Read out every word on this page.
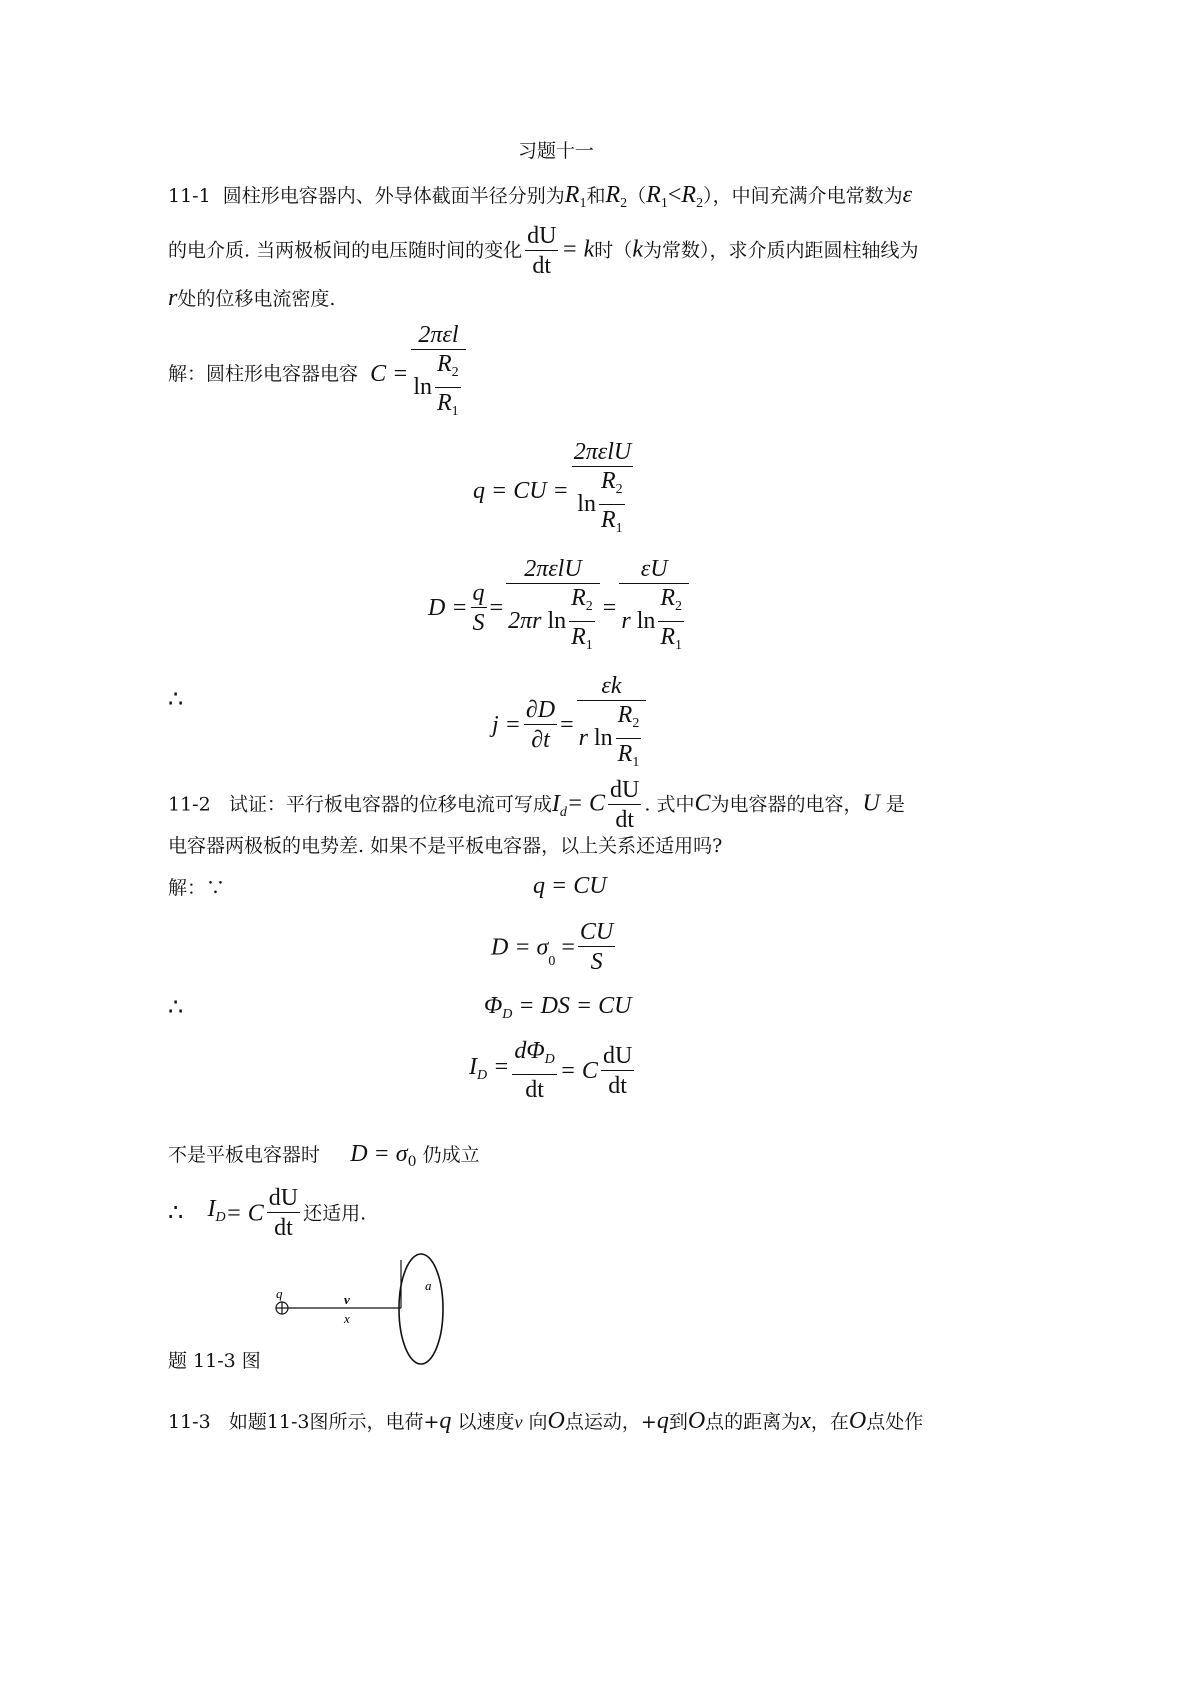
习题十一
11-1 圆柱形电容器内、外导体截面半径分别为$R_1$和$R_2(R_1<R_2)$，中间充满介电常数为ε
的电介质. 当两极板间的电压随时间的变化 $\frac{dU}{dt} = k$时（k为常数），求介质内距圆柱轴线为
r处的位移电流密度.
解：圆柱形电容器电容 $C = \frac{\text{2πεl}}{\ln \frac{R_2}{R_1}}$
q = CU = $\frac{\text{2πεlU}}{\ln \frac{R_2}{R_1}}$
$D = \frac{q}{S} = \frac{\text{2πεlU}}{2\pi r \ln \frac{R_2}{R_1}} = \frac{\varepsilon U}{r \ln \frac{R_2}{R_1}}$
∴
$j = \frac{\partial D}{\partial t} = \frac{\varepsilon k}{r \ln \frac{R_2}{R_1}}$
11-2 试证：平行板电容器的位移电流可写成$I_d= C \frac{dU}{dt}$ . 式中C为电容器的电容，U 是
电容器两极板的电势差. 如果不是平板电容器，以上关系还适用吗?
解：∵	q = CU
$D = \sigma_0 = \frac{CU}{S}$
∴	$\Phi_D$ = DS = CU
$I_D = \frac{d\Phi_D}{dt} = C \frac{dU}{dt}$
不是平板电容器时 $D = \sigma_0$ 仍成立
∴ $I_D= C \frac{dU}{dt}$ 还适用.
q	v
x
a
题 11-3 图
11-3 如题11-3图所示，电荷+q 以速度v 向O点运动，+q到O点的距离为x，在O点处作
